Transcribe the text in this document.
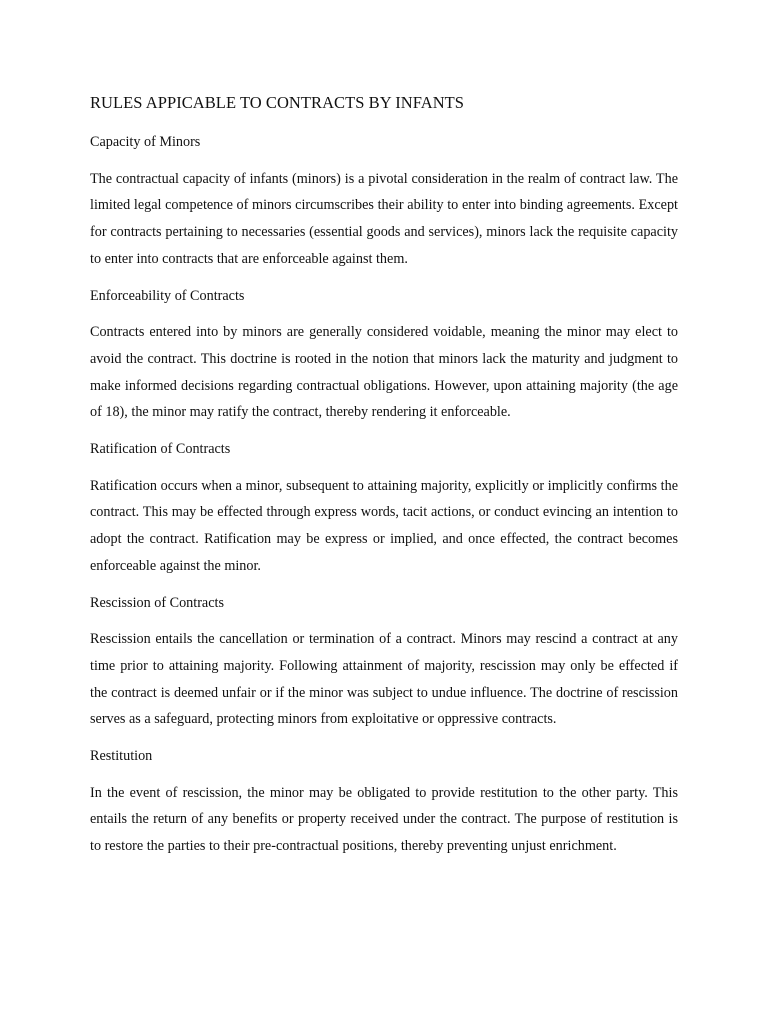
RULES APPICABLE TO CONTRACTS BY INFANTS
Capacity of Minors

The contractual capacity of infants (minors) is a pivotal consideration in the realm of contract law. The limited legal competence of minors circumscribes their ability to enter into binding agreements. Except for contracts pertaining to necessaries (essential goods and services), minors lack the requisite capacity to enter into contracts that are enforceable against them.

Enforceability of Contracts

Contracts entered into by minors are generally considered voidable, meaning the minor may elect to avoid the contract. This doctrine is rooted in the notion that minors lack the maturity and judgment to make informed decisions regarding contractual obligations. However, upon attaining majority (the age of 18), the minor may ratify the contract, thereby rendering it enforceable.

Ratification of Contracts

Ratification occurs when a minor, subsequent to attaining majority, explicitly or implicitly confirms the contract. This may be effected through express words, tacit actions, or conduct evincing an intention to adopt the contract. Ratification may be express or implied, and once effected, the contract becomes enforceable against the minor.

Rescission of Contracts

Rescission entails the cancellation or termination of a contract. Minors may rescind a contract at any time prior to attaining majority. Following attainment of majority, rescission may only be effected if the contract is deemed unfair or if the minor was subject to undue influence. The doctrine of rescission serves as a safeguard, protecting minors from exploitative or oppressive contracts.

Restitution

In the event of rescission, the minor may be obligated to provide restitution to the other party. This entails the return of any benefits or property received under the contract. The purpose of restitution is to restore the parties to their pre-contractual positions, thereby preventing unjust enrichment.
